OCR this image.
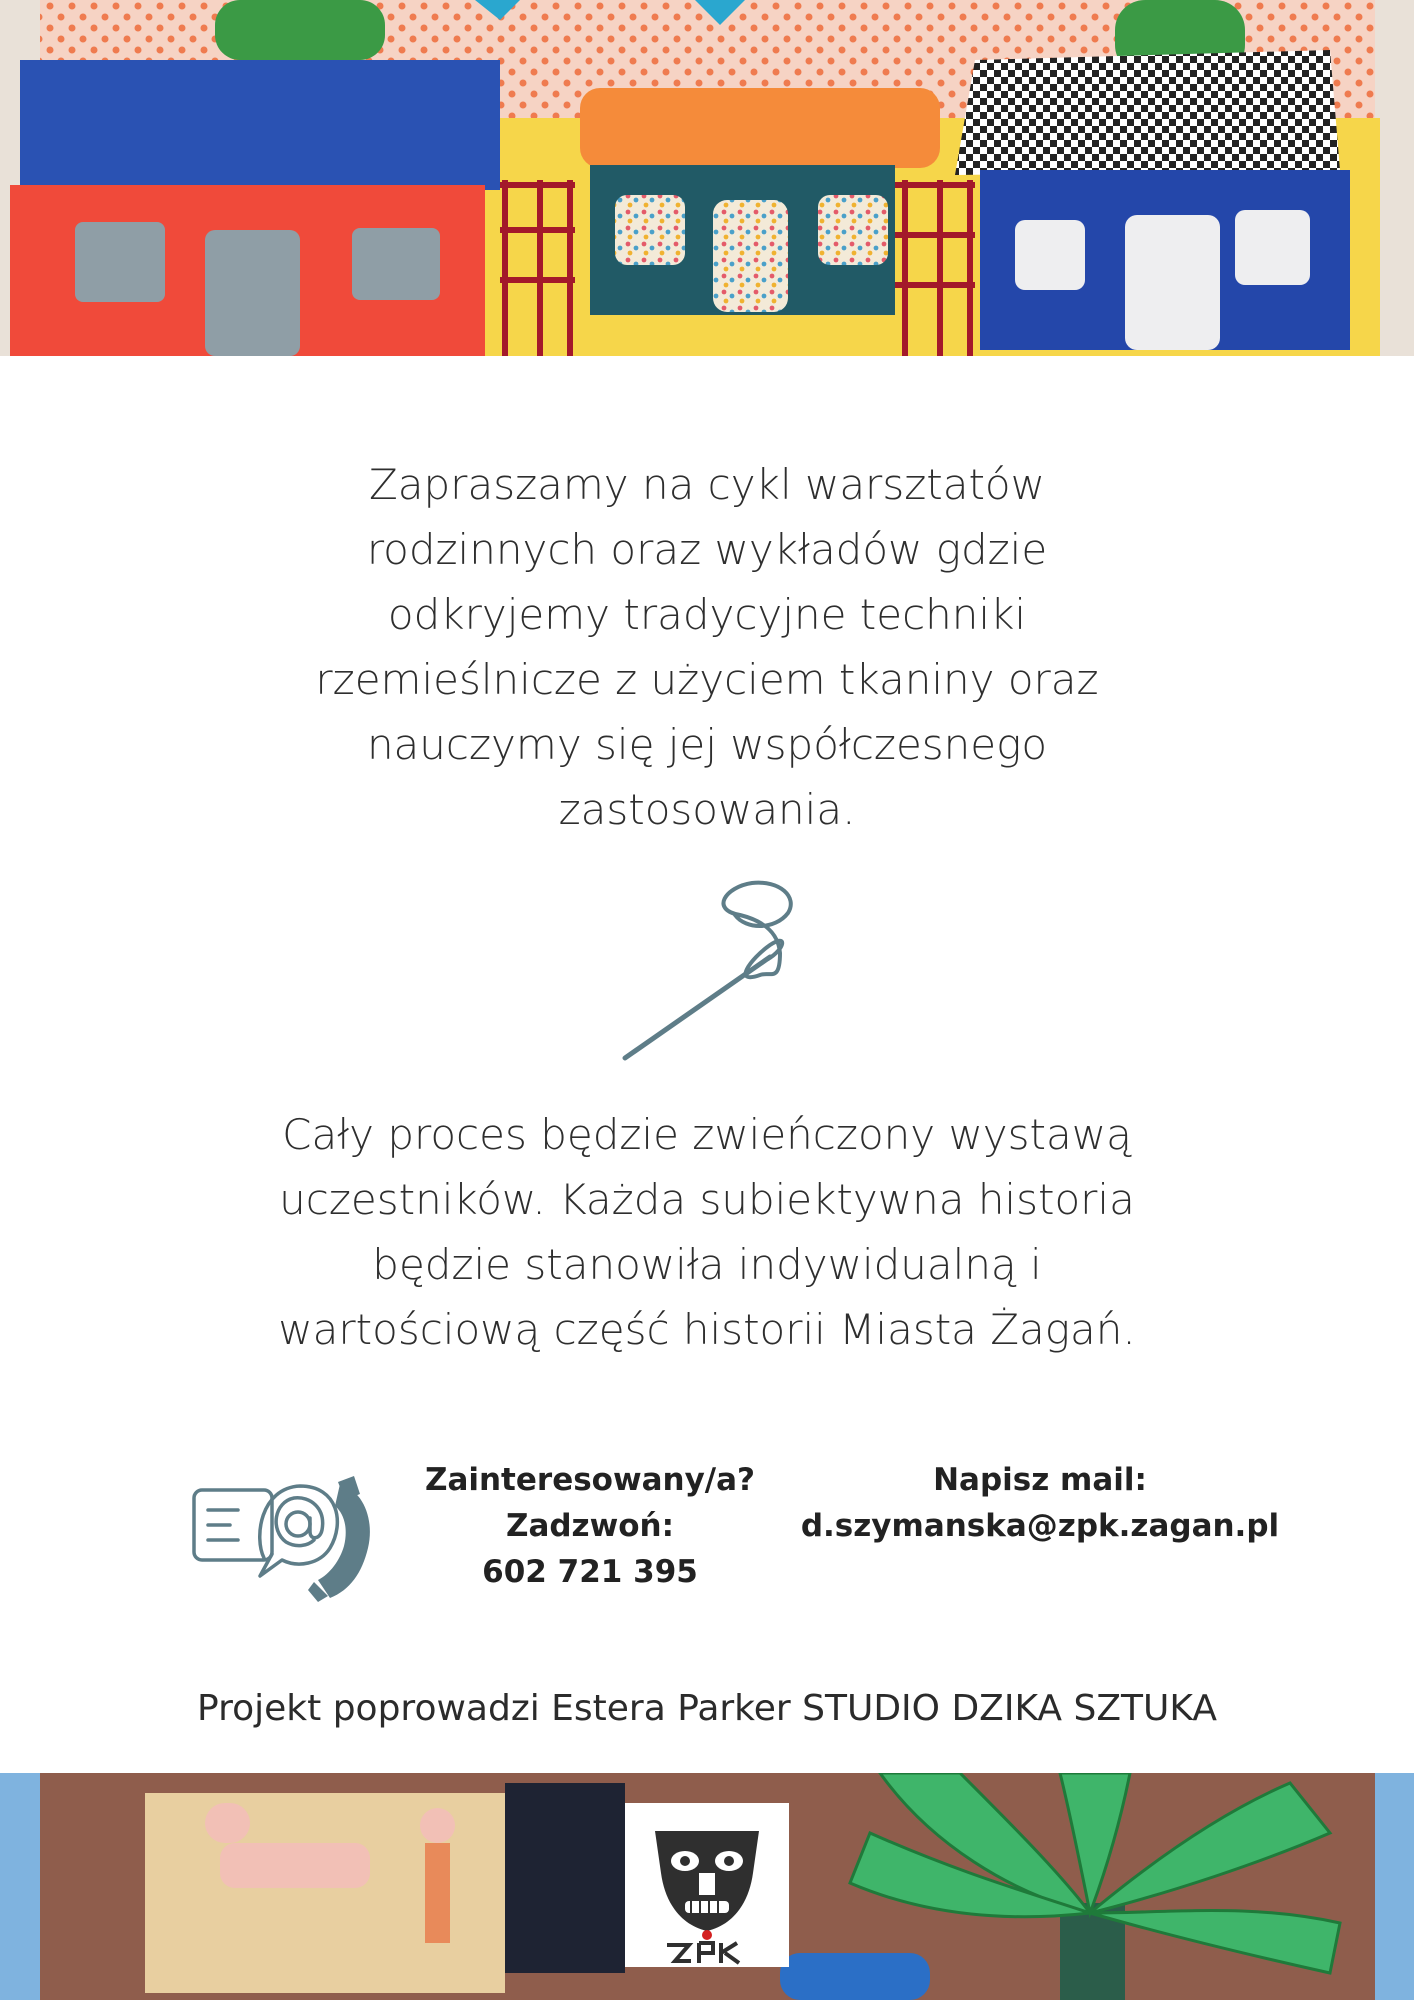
Zapraszamy na cykl warsztatów
rodzinnych oraz wykładów gdzie
odkryjemy tradycyjne techniki
rzemieślnicze z użyciem tkaniny oraz
nauczymy się jej współczesnego
zastosowania.
Cały proces będzie zwieńczony wystawą
uczestników. Każda subiektywna historia
będzie stanowiła indywidualną i
wartościową część historii Miasta Żagań.
Zainteresowany/a?
Zadzwoń:
602 721 395
Napisz mail:
d.szymanska@zpk.zagan.pl
Projekt poprowadzi Estera Parker STUDIO DZIKA SZTUKA
